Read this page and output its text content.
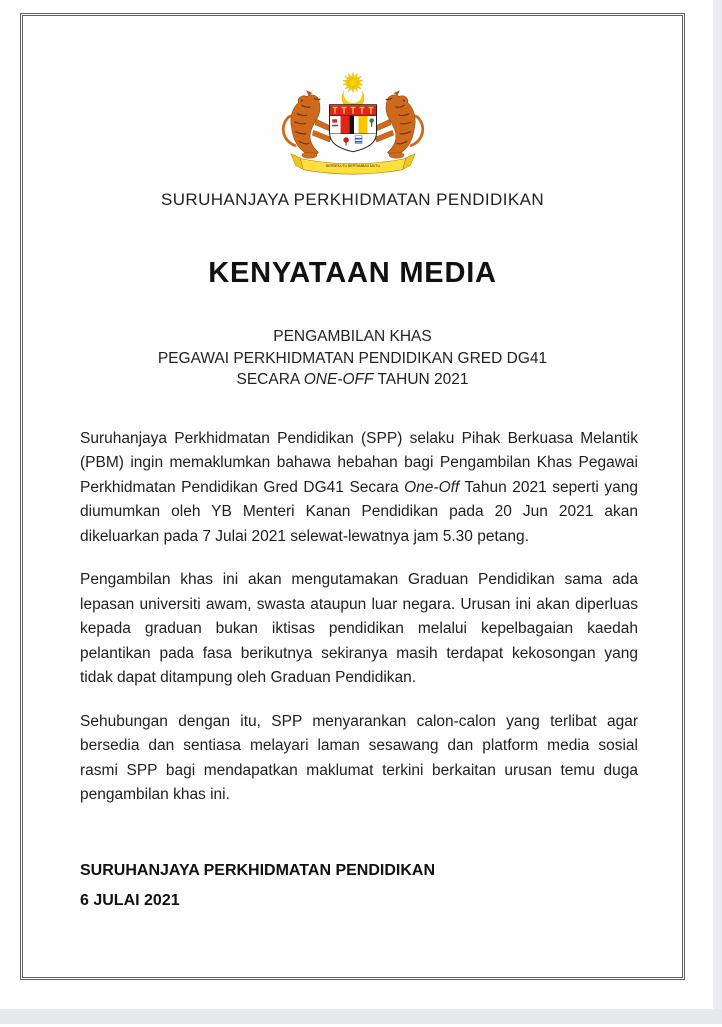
BERSEKUTU BERTAMBAH MUTU
SURUHANJAYA PERKHIDMATAN PENDIDIKAN
KENYATAAN MEDIA
PENGAMBILAN KHAS
PEGAWAI PERKHIDMATAN PENDIDIKAN GRED DG41
SECARA ONE-OFF TAHUN 2021

Suruhanjaya Perkhidmatan Pendidikan (SPP) selaku Pihak Berkuasa Melantik (PBM) ingin memaklumkan bahawa hebahan bagi Pengambilan Khas Pegawai Perkhidmatan Pendidikan Gred DG41 Secara One-Off Tahun 2021 seperti yang diumumkan oleh YB Menteri Kanan Pendidikan pada 20 Jun 2021 akan dikeluarkan pada 7 Julai 2021 selewat-lewatnya jam 5.30 petang.

Pengambilan khas ini akan mengutamakan Graduan Pendidikan sama ada lepasan universiti awam, swasta ataupun luar negara. Urusan ini akan diperluas kepada graduan bukan iktisas pendidikan melalui kepelbagaian kaedah pelantikan pada fasa berikutnya sekiranya masih terdapat kekosongan yang tidak dapat ditampung oleh Graduan Pendidikan.

Sehubungan dengan itu, SPP menyarankan calon-calon yang terlibat agar bersedia dan sentiasa melayari laman sesawang dan platform media sosial rasmi SPP bagi mendapatkan maklumat terkini berkaitan urusan temu duga pengambilan khas ini.

SURUHANJAYA PERKHIDMATAN PENDIDIKAN
6 JULAI 2021
